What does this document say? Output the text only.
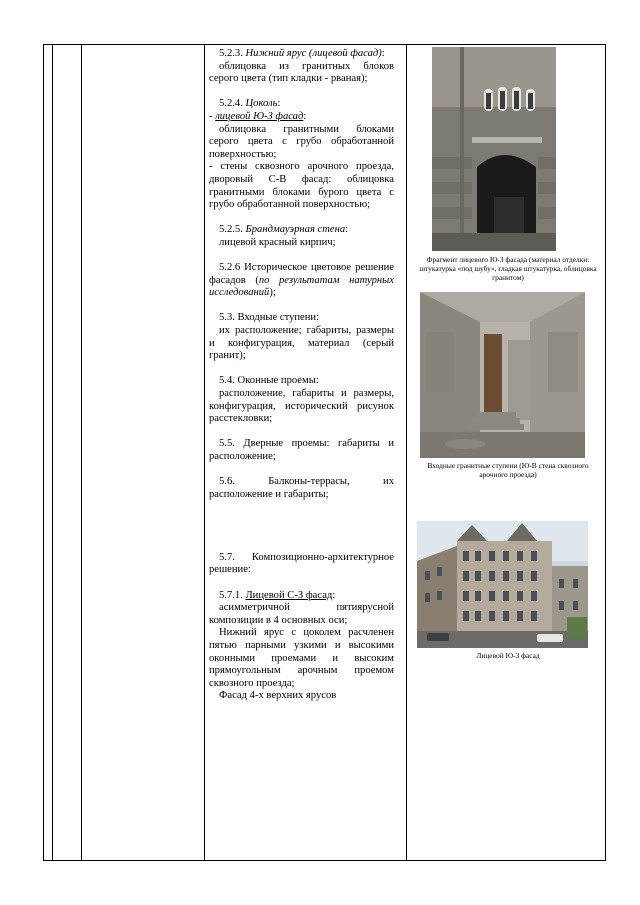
5.2.3. Нижний ярус (лицевой фасад):

облицовка из гранитных блоков серого цвета (тип кладки - рваная);

5.2.4. Цоколь:

- лицевой Ю-З фасад:

облицовка гранитными блоками серого цвета с грубо обработанной поверхностью;

- стены сквозного арочного проезда, дворовый С-В фасад: облицовка гранитными блоками бурого цвета с грубо обработанной поверхностью;

5.2.5. Брандмауэрная стена:

лицевой красный кирпич;

5.2.6 Историческое цветовое решение фасадов (по результатам натурных исследований);

5.3. Входные ступени:

их расположение; габариты, размеры и конфигурация, материал (серый гранит);

5.4. Оконные проемы:

расположение, габариты и размеры, конфигурация, исторический рисунок расстекловки;

5.5. Дверные проемы: габариты и расположение;

5.6. Балконы-террасы, их расположение и габариты;

5.7. Композиционно-архитектурное решение:

5.7.1. Лицевой С-З фасад:

асимметричной пятиярусной композиции в 4 основных оси;

Нижний ярус с цоколем расчленен пятью парными узкими и высокими оконными проемами и высоким прямоугольным арочным проемом сквозного проезда;

Фасад 4-х верхних ярусов

Фрагмент лицевого Ю-З фасада (материал отделки: штукатурка «под шубу», гладкая штукатурка, облицовка гранитом)
Входные гранитные ступени (Ю-В стена сквозного арочного проезда)
Лицевой Ю-З фасад
